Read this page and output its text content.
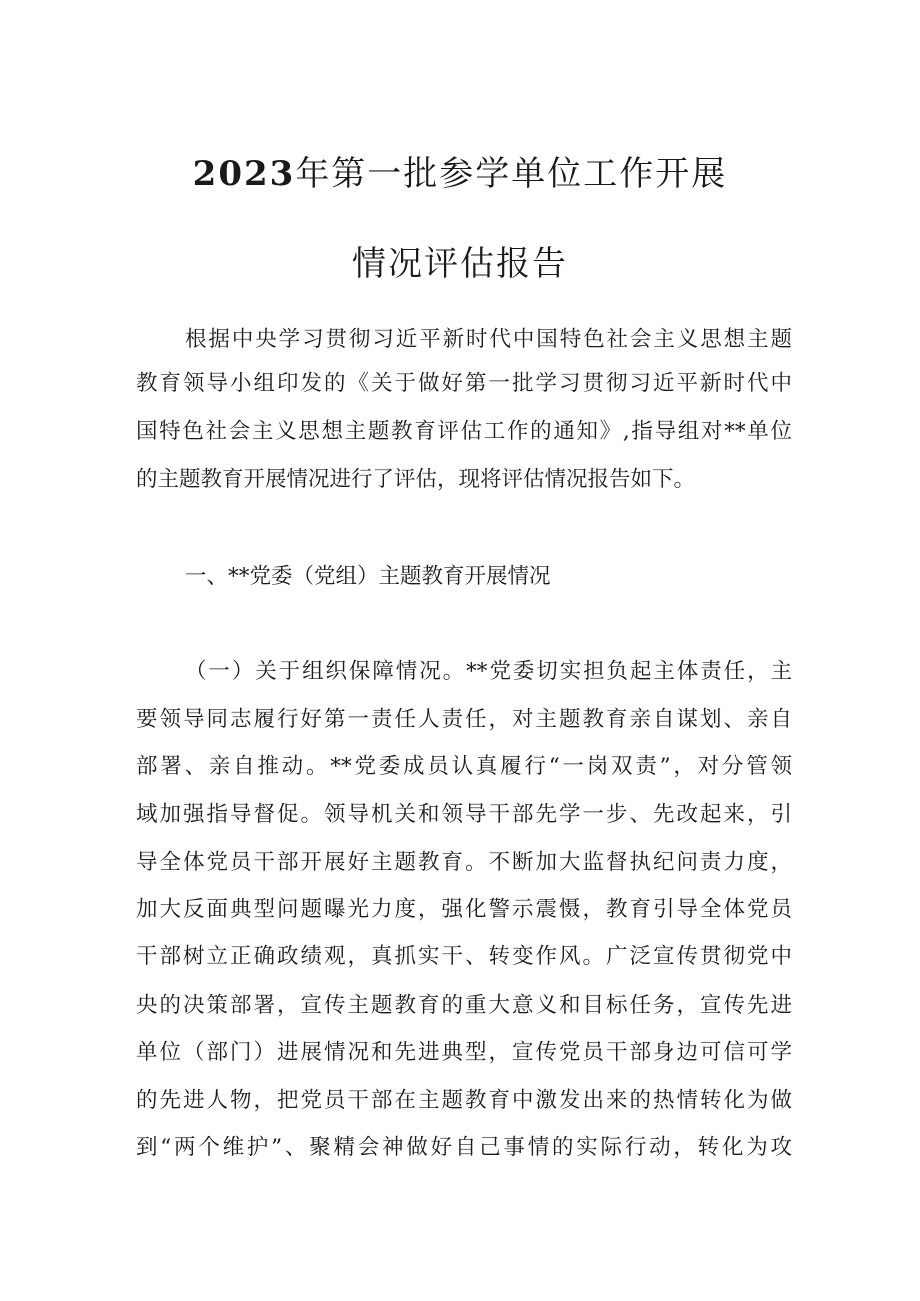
2023年第一批参学单位工作开展
情况评估报告
根据中央学习贯彻习近平新时代中国特色社会主义思想主题
教育领导小组印发的《关于做好第一批学习贯彻习近平新时代中
国特色社会主义思想主题教育评估工作的通知》,指导组对**单位
的主题教育开展情况进行了评估，现将评估情况报告如下。
一、**党委（党组）主题教育开展情况
（一）关于组织保障情况。**党委切实担负起主体责任，主
要领导同志履行好第一责任人责任，对主题教育亲自谋划、亲自
部署、亲自推动。**党委成员认真履行“一岗双责”，对分管领
域加强指导督促。领导机关和领导干部先学一步、先改起来，引
导全体党员干部开展好主题教育。不断加大监督执纪问责力度，
加大反面典型问题曝光力度，强化警示震慑，教育引导全体党员
干部树立正确政绩观，真抓实干、转变作风。广泛宣传贯彻党中
央的决策部署，宣传主题教育的重大意义和目标任务，宣传先进
单位（部门）进展情况和先进典型，宣传党员干部身边可信可学
的先进人物，把党员干部在主题教育中激发出来的热情转化为做
到“两个维护”、聚精会神做好自己事情的实际行动，转化为攻
